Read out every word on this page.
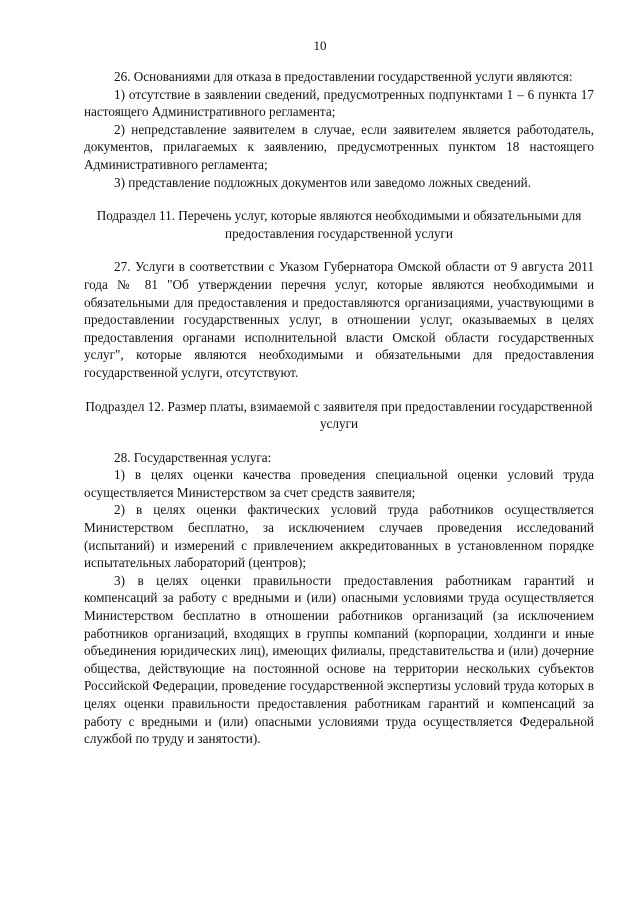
10

26. Основаниями для отказа в предоставлении государственной услуги являются:

1) отсутствие в заявлении сведений, предусмотренных подпунктами 1 – 6 пункта 17 настоящего Административного регламента;

2) непредставление заявителем в случае, если заявителем является работодатель, документов, прилагаемых к заявлению, предусмотренных пунктом 18 настоящего Административного регламента;

3) представление подложных документов или заведомо ложных сведений.

Подраздел 11. Перечень услуг, которые являются необходимыми и обязательными для предоставления государственной услуги

27. Услуги в соответствии с Указом Губернатора Омской области от 9 августа 2011 года № 81 "Об утверждении перечня услуг, которые являются необходимыми и обязательными для предоставления и предоставляются организациями, участвующими в предоставлении государственных услуг, в отношении услуг, оказываемых в целях предоставления органами исполнительной власти Омской области государственных услуг", которые являются необходимыми и обязательными для предоставления государственной услуги, отсутствуют.

Подраздел 12. Размер платы, взимаемой с заявителя при предоставлении государственной услуги

28. Государственная услуга:

1) в целях оценки качества проведения специальной оценки условий труда осуществляется Министерством за счет средств заявителя;

2) в целях оценки фактических условий труда работников осуществляется Министерством бесплатно, за исключением случаев проведения исследований (испытаний) и измерений с привлечением аккредитованных в установленном порядке испытательных лабораторий (центров);

3) в целях оценки правильности предоставления работникам гарантий и компенсаций за работу с вредными и (или) опасными условиями труда осуществляется Министерством бесплатно в отношении работников организаций (за исключением работников организаций, входящих в группы компаний (корпорации, холдинги и иные объединения юридических лиц), имеющих филиалы, представительства и (или) дочерние общества, действующие на постоянной основе на территории нескольких субъектов Российской Федерации, проведение государственной экспертизы условий труда которых в целях оценки правильности предоставления работникам гарантий и компенсаций за работу с вредными и (или) опасными условиями труда осуществляется Федеральной службой по труду и занятости).
